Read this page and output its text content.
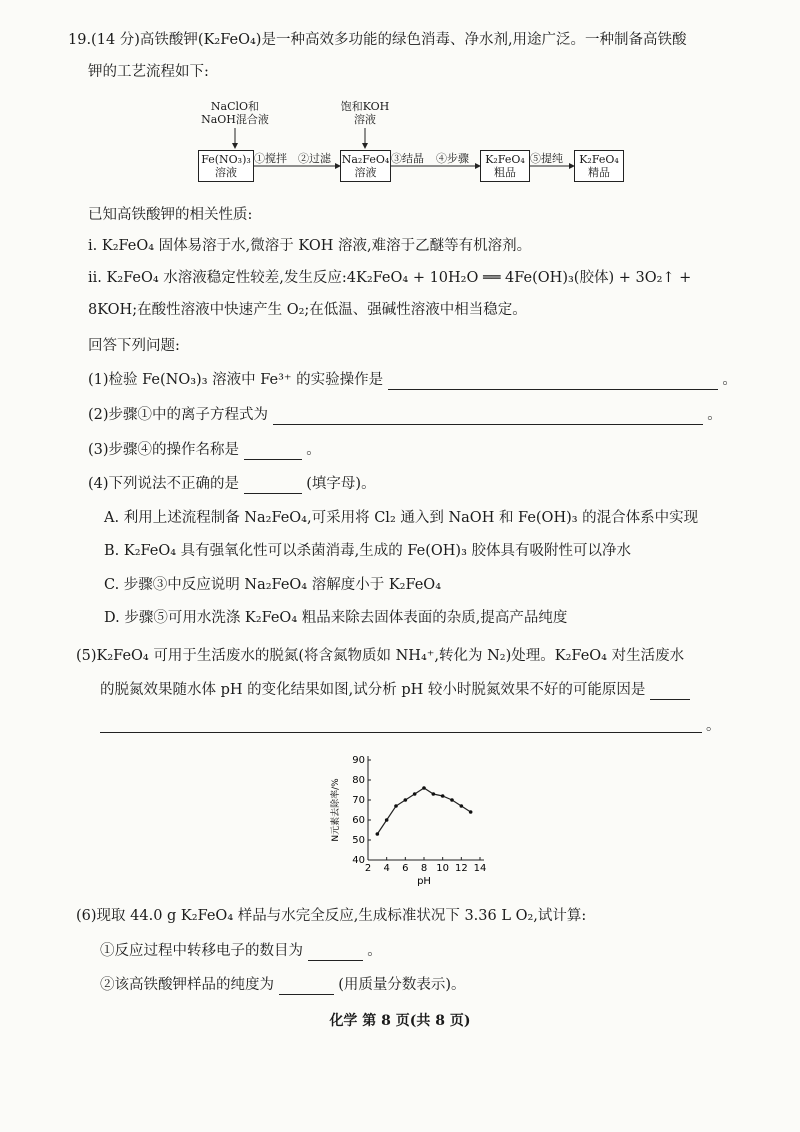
19.(14 分)高铁酸钾(K₂FeO₄)是一种高效多功能的绿色消毒、净水剂,用途广泛。一种制备高铁酸
钾的工艺流程如下:
NaClO和
NaOH混合液
饱和KOH
溶液
Fe(NO₃)₃
溶液
Na₂FeO₄
溶液
K₂FeO₄
粗品
K₂FeO₄
精品
①搅拌 ②过滤	③结晶 ④步骤	⑤提纯
已知高铁酸钾的相关性质:
i. K₂FeO₄ 固体易溶于水,微溶于 KOH 溶液,难溶于乙醚等有机溶剂。
ii. K₂FeO₄ 水溶液稳定性较差,发生反应:4K₂FeO₄ + 10H₂O ══ 4Fe(OH)₃(胶体) + 3O₂↑ +
8KOH;在酸性溶液中快速产生 O₂;在低温、强碱性溶液中相当稳定。
回答下列问题:
(1)检验 Fe(NO₃)₃ 溶液中 Fe³⁺ 的实验操作是	。
(2)步骤①中的离子方程式为	。
(3)步骤④的操作名称是	。
(4)下列说法不正确的是	(填字母)。
A. 利用上述流程制备 Na₂FeO₄,可采用将 Cl₂ 通入到 NaOH 和 Fe(OH)₃ 的混合体系中实现
B. K₂FeO₄ 具有强氧化性可以杀菌消毒,生成的 Fe(OH)₃ 胶体具有吸附性可以净水
C. 步骤③中反应说明 Na₂FeO₄ 溶解度小于 K₂FeO₄
D. 步骤⑤可用水洗涤 K₂FeO₄ 粗品来除去固体表面的杂质,提高产品纯度
(5)K₂FeO₄ 可用于生活废水的脱氮(将含氮物质如 NH₄⁺,转化为 N₂)处理。K₂FeO₄ 对生活废水
的脱氮效果随水体 pH 的变化结果如图,试分析 pH 较小时脱氮效果不好的可能原因是
。
2 4 6 8 10 12 14
40
50
60
70
80
90
pH
N元素去除率/%
(6)现取 44.0 g K₂FeO₄ 样品与水完全反应,生成标准状况下 3.36 L O₂,试计算:
①反应过程中转移电子的数目为	。
②该高铁酸钾样品的纯度为	(用质量分数表示)。
化学 第 8 页(共 8 页)
